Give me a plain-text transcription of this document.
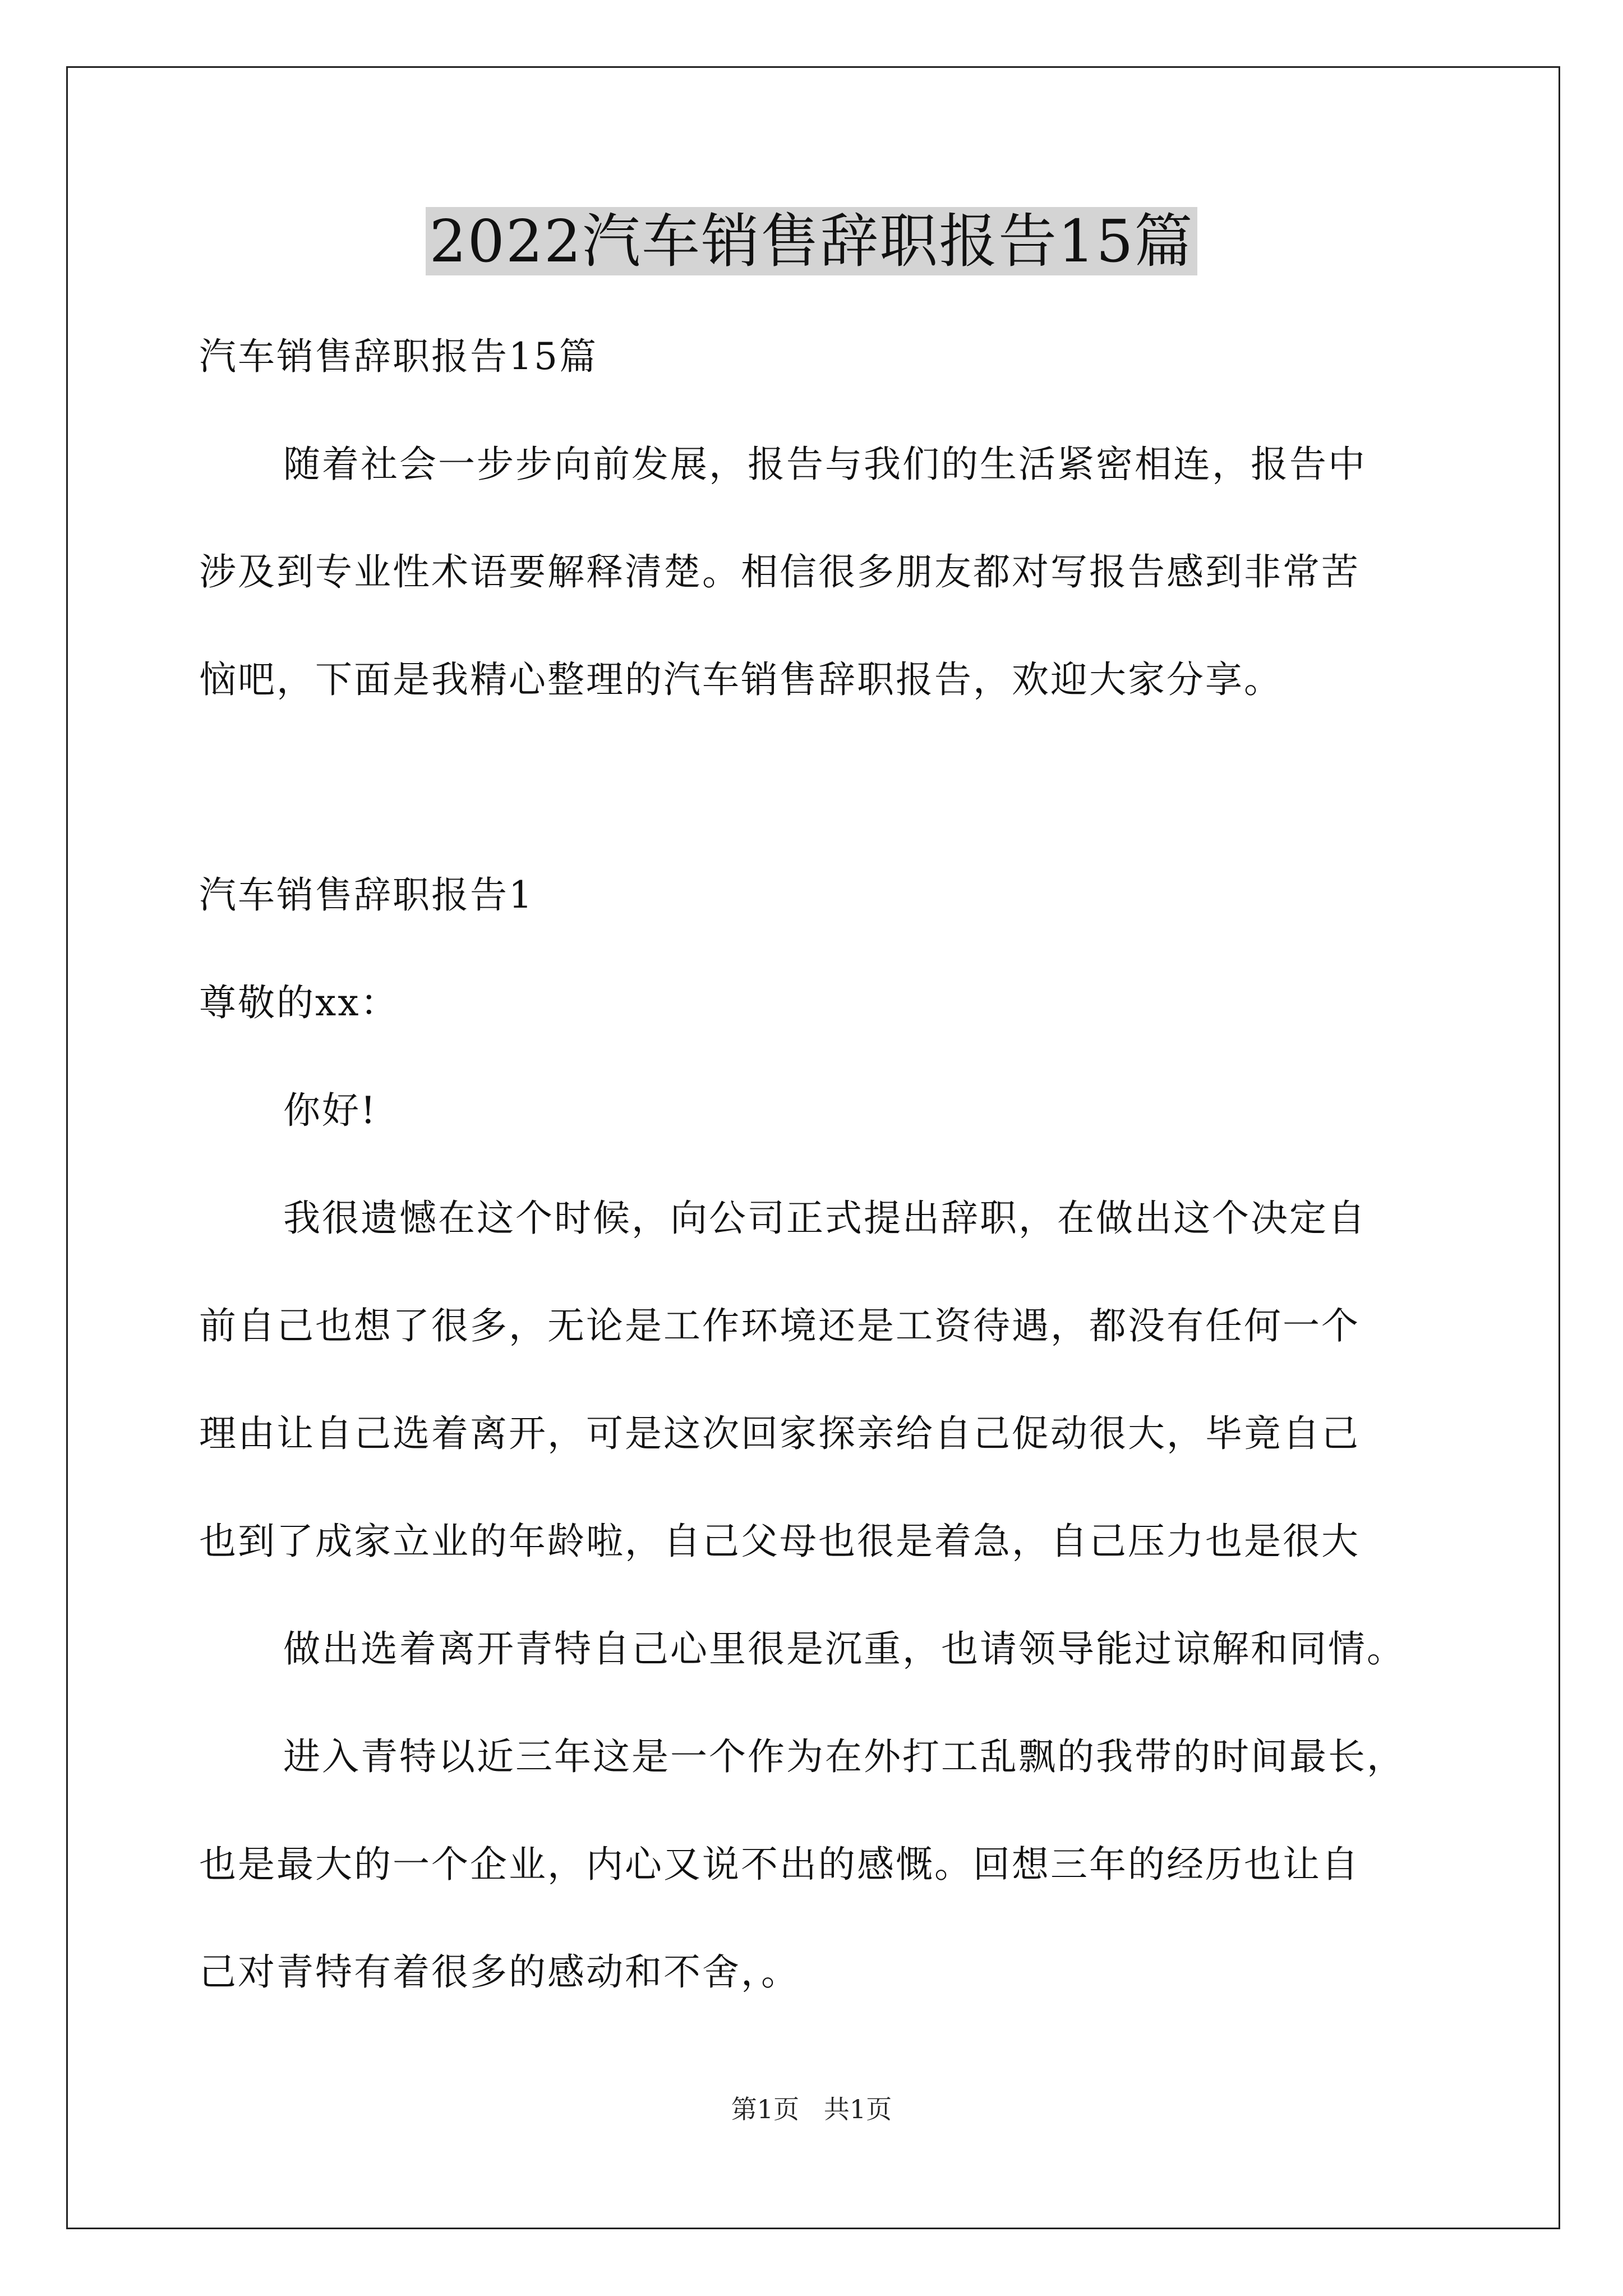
2022汽车销售辞职报告15篇
汽车销售辞职报告15篇
随着社会一步步向前发展，报告与我们的生活紧密相连，报告中
涉及到专业性术语要解释清楚。相信很多朋友都对写报告感到非常苦
恼吧，下面是我精心整理的汽车销售辞职报告，欢迎大家分享。
汽车销售辞职报告1
尊敬的xx：
你好!
我很遗憾在这个时候，向公司正式提出辞职，在做出这个决定自
前自己也想了很多，无论是工作环境还是工资待遇，都没有任何一个
理由让自己选着离开，可是这次回家探亲给自己促动很大，毕竟自己
也到了成家立业的年龄啦，自己父母也很是着急，自己压力也是很大
做出选着离开青特自己心里很是沉重，也请领导能过谅解和同情。
进入青特以近三年这是一个作为在外打工乱飘的我带的时间最长，
也是最大的一个企业，内心又说不出的感慨。回想三年的经历也让自
己对青特有着很多的感动和不舍，。
第1页   共1页
